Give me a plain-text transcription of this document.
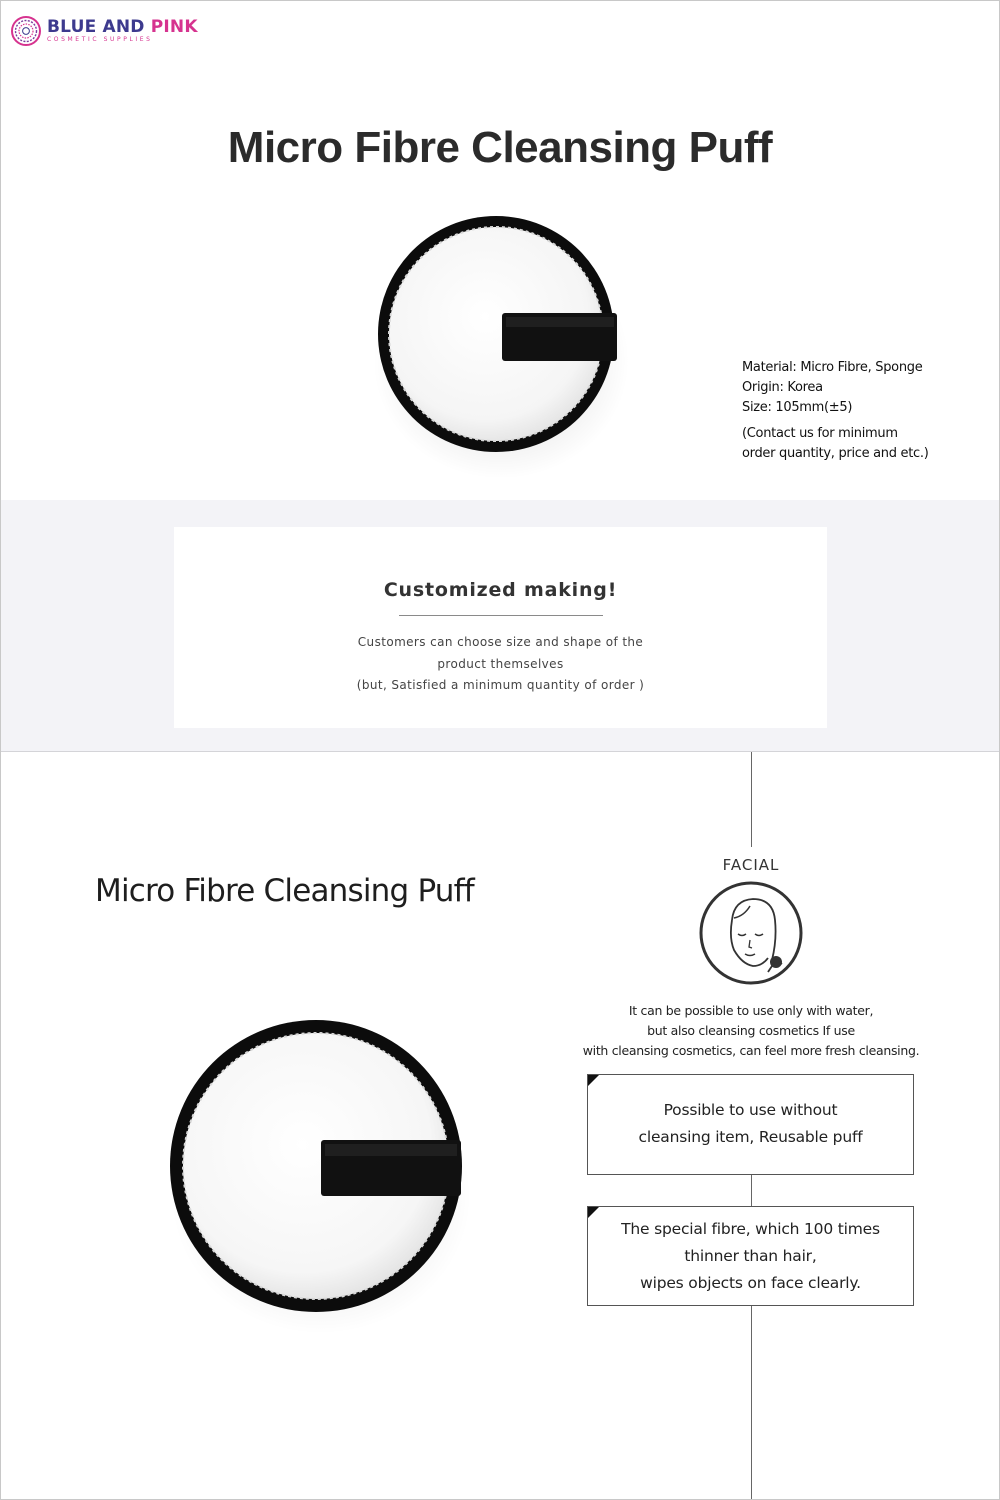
BLUE AND PINK
COSMETIC SUPPLIES
Micro Fibre Cleansing Puff
Material: Micro Fibre, Sponge
Origin: Korea
Size: 105mm(±5)
(Contact us for minimum
order quantity, price and etc.)
Customized making!
Customers can choose size and shape of the
product themselves
(but, Satisfied a minimum quantity of order )
Micro Fibre Cleansing Puff
FACIAL
It can be possible to use only with water,
but also cleansing cosmetics If use
with cleansing cosmetics, can feel more fresh cleansing.
Possible to use without
cleansing item, Reusable puff
The special fibre, which 100 times
thinner than hair,
wipes objects on face clearly.
